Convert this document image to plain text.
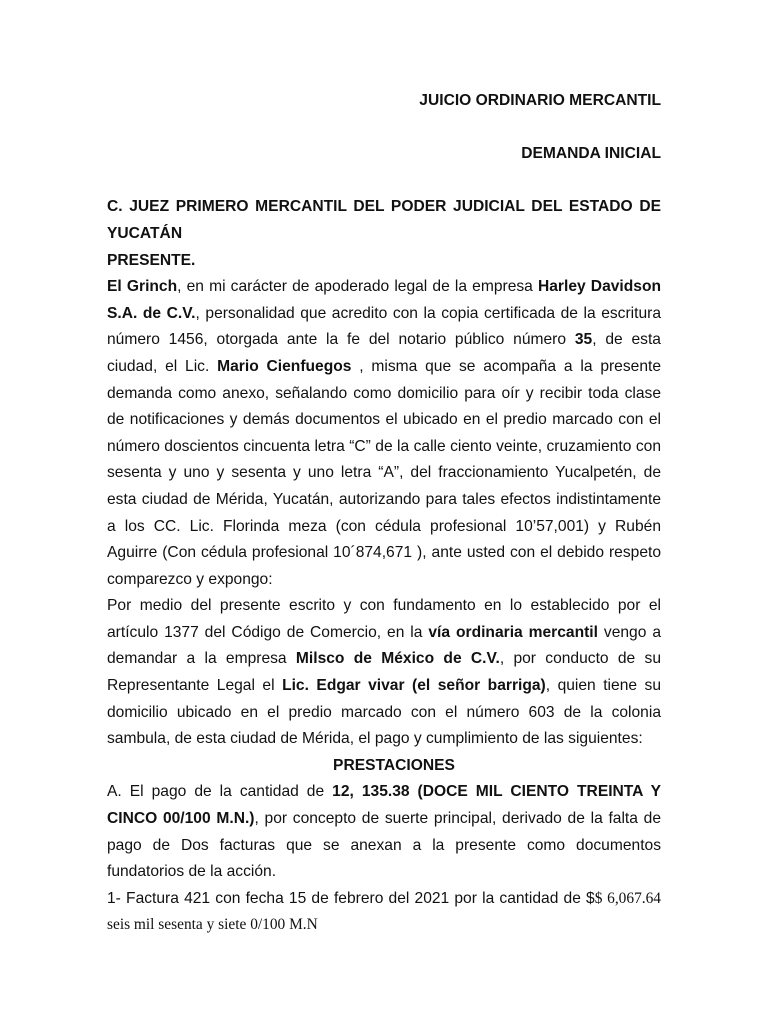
JUICIO ORDINARIO MERCANTIL

DEMANDA INICIAL

C. JUEZ PRIMERO MERCANTIL DEL PODER JUDICIAL DEL ESTADO DE YUCATÁN

PRESENTE.

El Grinch, en mi carácter de apoderado legal de la empresa Harley Davidson S.A. de C.V., personalidad que acredito con la copia certificada de la escritura número 1456, otorgada ante la fe del notario público número 35, de esta ciudad, el Lic. Mario Cienfuegos , misma que se acompaña a la presente demanda como anexo, señalando como domicilio para oír y recibir toda clase de notificaciones y demás documentos el ubicado en el predio marcado con el número doscientos cincuenta letra “C” de la calle ciento veinte, cruzamiento con sesenta y uno y sesenta y uno letra “A”, del fraccionamiento Yucalpetén, de esta ciudad de Mérida, Yucatán, autorizando para tales efectos indistintamente a los CC. Lic. Florinda meza (con cédula profesional 10’57,001) y Rubén Aguirre (Con cédula profesional 10´874,671 ), ante usted con el debido respeto comparezco y expongo:

Por medio del presente escrito y con fundamento en lo establecido por el artículo 1377 del Código de Comercio, en la vía ordinaria mercantil vengo a demandar a la empresa Milsco de México de C.V., por conducto de su Representante Legal el Lic. Edgar vivar (el señor barriga), quien tiene su domicilio ubicado en el predio marcado con el número 603 de la colonia sambula, de esta ciudad de Mérida, el pago y cumplimiento de las siguientes:

PRESTACIONES

A. El pago de la cantidad de 12, 135.38 (DOCE MIL CIENTO TREINTA Y CINCO 00/100 M.N.), por concepto de suerte principal, derivado de la falta de pago de Dos facturas que se anexan a la presente como documentos fundatorios de la acción.

1- Factura 421 con fecha 15 de febrero del 2021 por la cantidad de $$ 6,067.64 seis mil sesenta y siete 0/100 M.N
